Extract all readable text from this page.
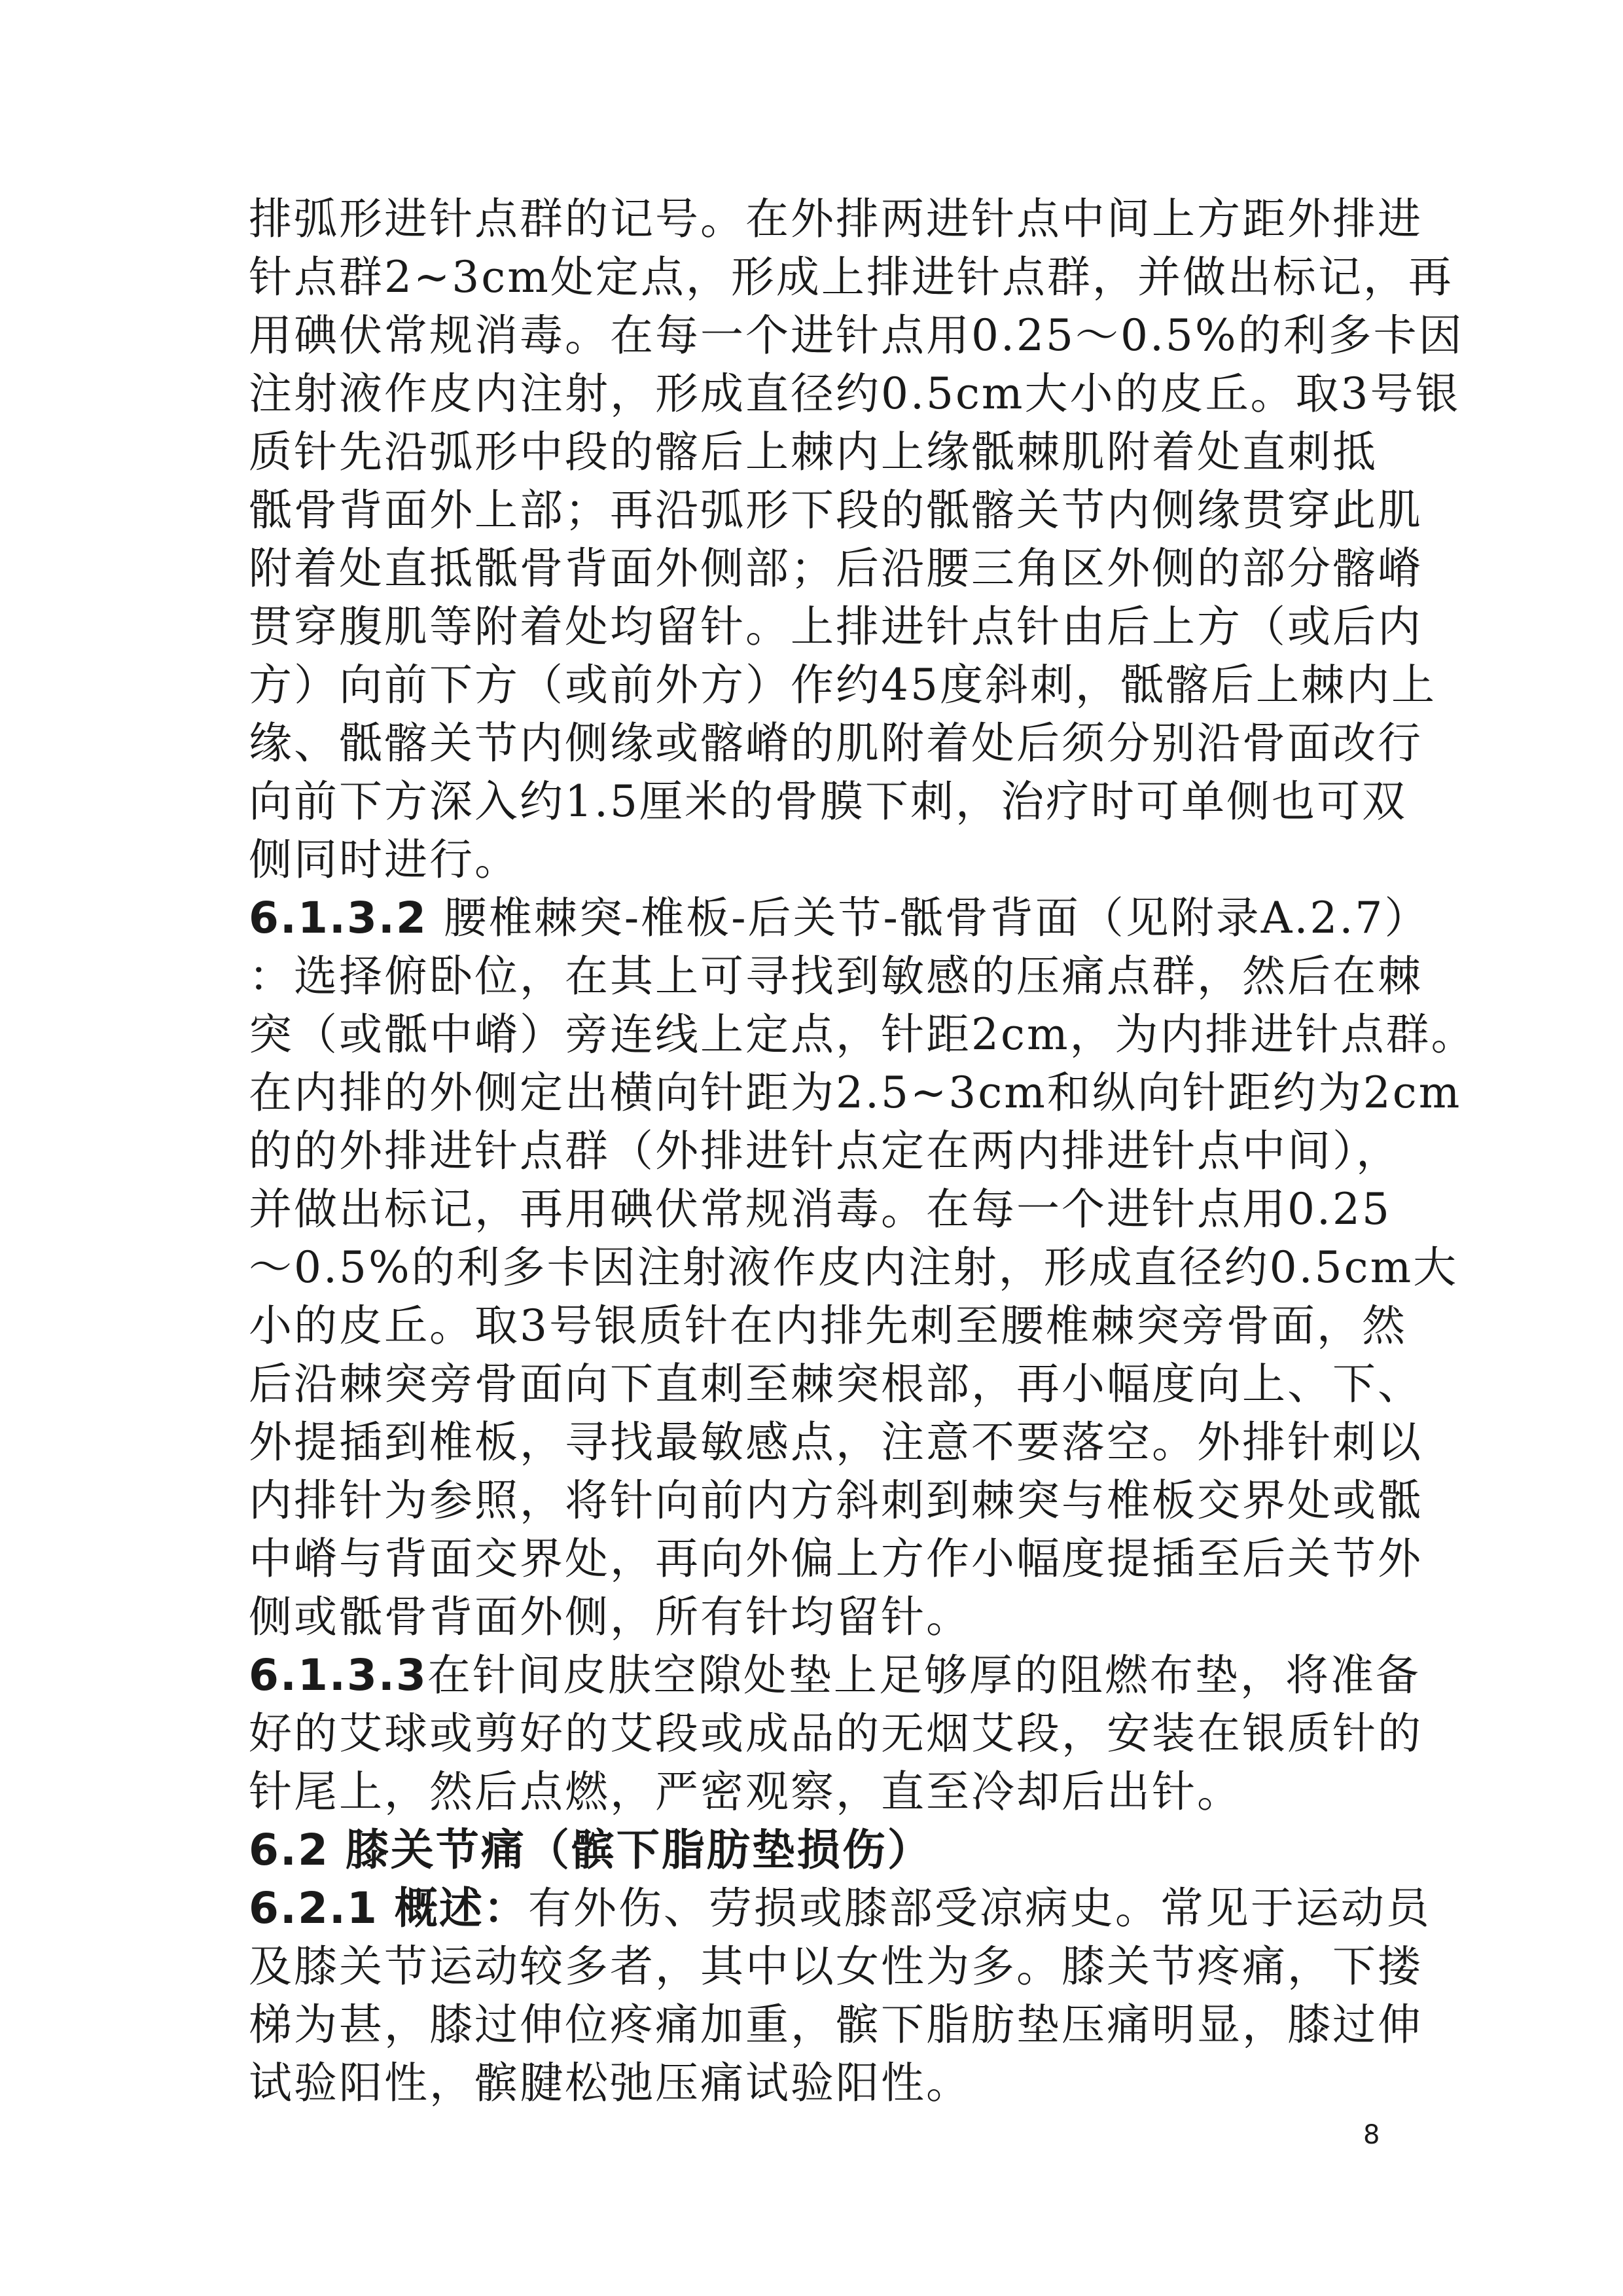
排弧形进针点群的记号。在外排两进针点中间上方距外排进
针点群2~3cm处定点，形成上排进针点群，并做出标记，再
用碘伏常规消毒。在每一个进针点用0.25～0.5%的利多卡因
注射液作皮内注射，形成直径约0.5cm大小的皮丘。取3号银
质针先沿弧形中段的髂后上棘内上缘骶棘肌附着处直刺抵
骶骨背面外上部；再沿弧形下段的骶髂关节内侧缘贯穿此肌
附着处直抵骶骨背面外侧部；后沿腰三角区外侧的部分髂嵴
贯穿腹肌等附着处均留针。上排进针点针由后上方（或后内
方）向前下方（或前外方）作约45度斜刺，骶髂后上棘内上
缘、骶髂关节内侧缘或髂嵴的肌附着处后须分别沿骨面改行
向前下方深入约1.5厘米的骨膜下刺，治疗时可单侧也可双
侧同时进行。
6.1.3.2 腰椎棘突-椎板-后关节-骶骨背面（见附录A.2.7）
：选择俯卧位，在其上可寻找到敏感的压痛点群，然后在棘
突（或骶中嵴）旁连线上定点，针距2cm，为内排进针点群。
在内排的外侧定出横向针距为2.5~3cm和纵向针距约为2cm
的的外排进针点群（外排进针点定在两内排进针点中间），
并做出标记，再用碘伏常规消毒。在每一个进针点用0.25
～0.5%的利多卡因注射液作皮内注射，形成直径约0.5cm大
小的皮丘。取3号银质针在内排先刺至腰椎棘突旁骨面，然
后沿棘突旁骨面向下直刺至棘突根部，再小幅度向上、下、
外提插到椎板，寻找最敏感点，注意不要落空。外排针刺以
内排针为参照，将针向前内方斜刺到棘突与椎板交界处或骶
中嵴与背面交界处，再向外偏上方作小幅度提插至后关节外
侧或骶骨背面外侧，所有针均留针。
6.1.3.3在针间皮肤空隙处垫上足够厚的阻燃布垫，将准备
好的艾球或剪好的艾段或成品的无烟艾段，安装在银质针的
针尾上，然后点燃，严密观察，直至冷却后出针。
6.2 膝关节痛（髌下脂肪垫损伤）
6.2.1 概述：有外伤、劳损或膝部受凉病史。常见于运动员
及膝关节运动较多者，其中以女性为多。膝关节疼痛，下搂
梯为甚，膝过伸位疼痛加重，髌下脂肪垫压痛明显，膝过伸
试验阳性，髌腱松弛压痛试验阳性。
8
